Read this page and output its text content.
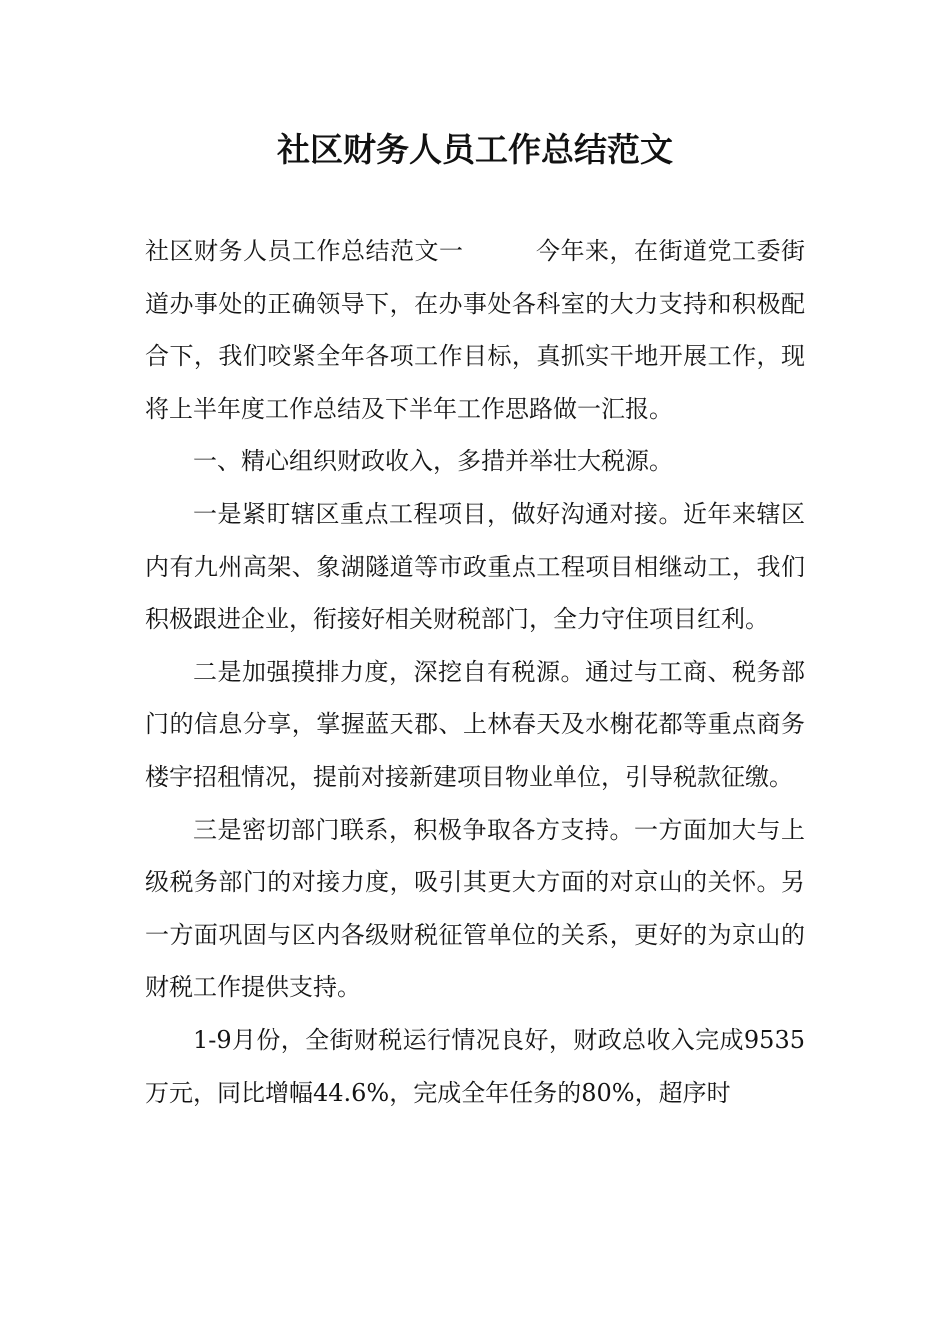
社区财务人员工作总结范文

社区财务人员工作总结范文一	今年来，在街道党工委街道办事处的正确领导下，在办事处各科室的大力支持和积极配合下，我们咬紧全年各项工作目标，真抓实干地开展工作，现将上半年度工作总结及下半年工作思路做一汇报。

一、精心组织财政收入，多措并举壮大税源。

一是紧盯辖区重点工程项目，做好沟通对接。近年来辖区内有九州高架、象湖隧道等市政重点工程项目相继动工，我们积极跟进企业，衔接好相关财税部门，全力守住项目红利。

二是加强摸排力度，深挖自有税源。通过与工商、税务部门的信息分享，掌握蓝天郡、上林春天及水榭花都等重点商务楼宇招租情况，提前对接新建项目物业单位，引导税款征缴。

三是密切部门联系，积极争取各方支持。一方面加大与上级税务部门的对接力度，吸引其更大方面的对京山的关怀。另一方面巩固与区内各级财税征管单位的关系，更好的为京山的财税工作提供支持。

1-9月份，全街财税运行情况良好，财政总收入完成9535万元，同比增幅44.6%，完成全年任务的80%，超序时
